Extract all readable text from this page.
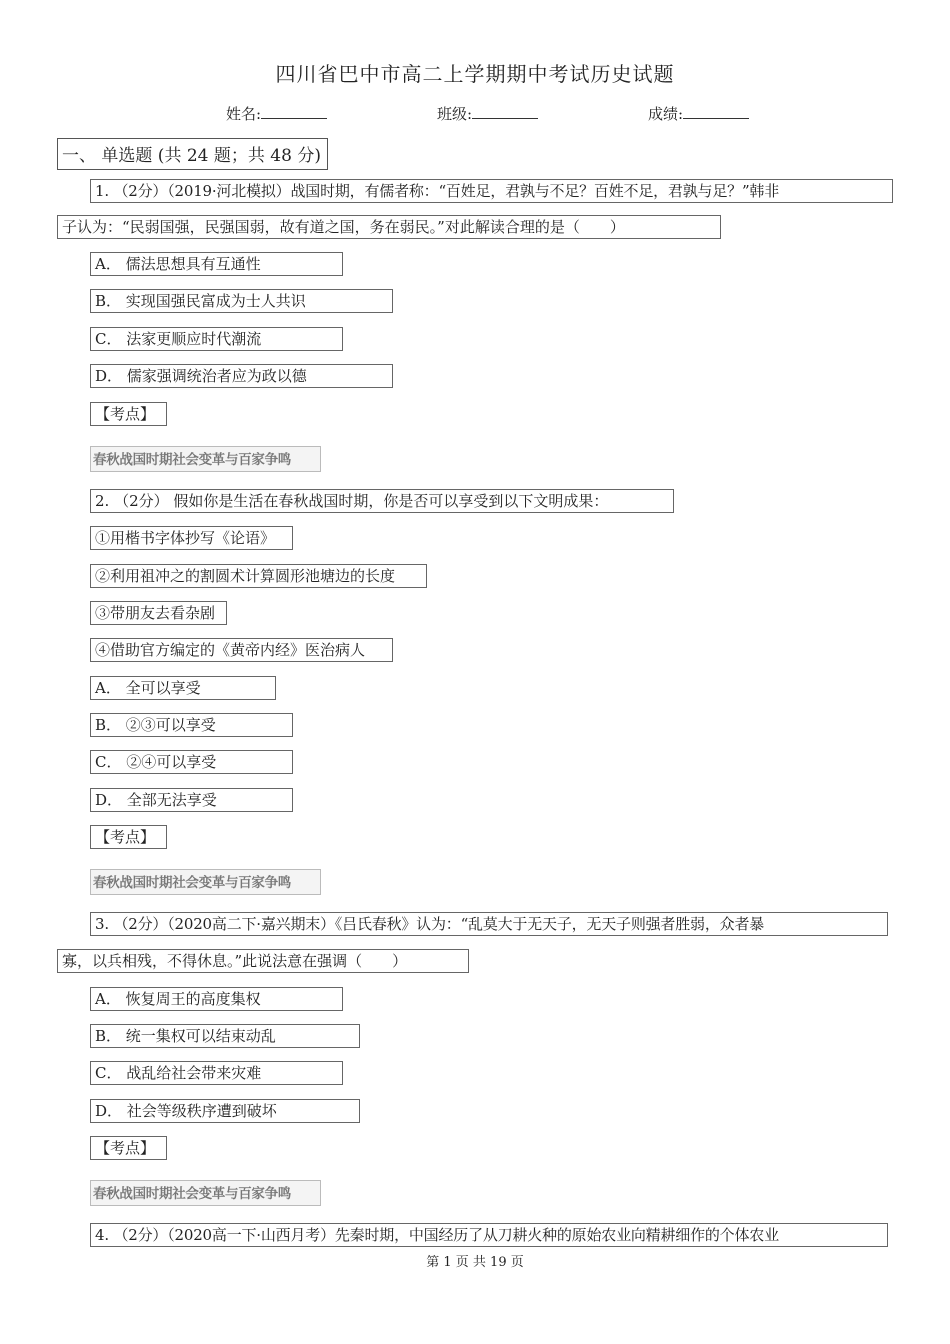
四川省巴中市高二上学期期中考试历史试题
姓名:	班级:	成绩:
一、 单选题 (共 24 题；共 48 分)
1. （2分）（2019·河北模拟）战国时期，有儒者称：“百姓足，君孰与不足？百姓不足，君孰与足？”韩非
子认为：“民弱国强，民强国弱，故有道之国，务在弱民。”对此解读合理的是（　　）
A． 儒法思想具有互通性
B． 实现国强民富成为士人共识
C． 法家更顺应时代潮流
D． 儒家强调统治者应为政以德
【考点】
春秋战国时期社会变革与百家争鸣
2. （2分） 假如你是生活在春秋战国时期，你是否可以享受到以下文明成果：
①用楷书字体抄写《论语》
②利用祖冲之的割圆术计算圆形池塘边的长度
③带朋友去看杂剧
④借助官方编定的《黄帝内经》医治病人
A． 全可以享受
B． ②③可以享受
C． ②④可以享受
D． 全部无法享受
【考点】
春秋战国时期社会变革与百家争鸣
3. （2分）（2020高二下·嘉兴期末）《吕氏春秋》认为：“乱莫大于无天子，无天子则强者胜弱，众者暴
寡，以兵相残，不得休息。”此说法意在强调（　　）
A． 恢复周王的高度集权
B． 统一集权可以结束动乱
C． 战乱给社会带来灾难
D． 社会等级秩序遭到破坏
【考点】
春秋战国时期社会变革与百家争鸣
4. （2分）（2020高一下·山西月考）先秦时期，中国经历了从刀耕火种的原始农业向精耕细作的个体农业
第 1 页 共 19 页
